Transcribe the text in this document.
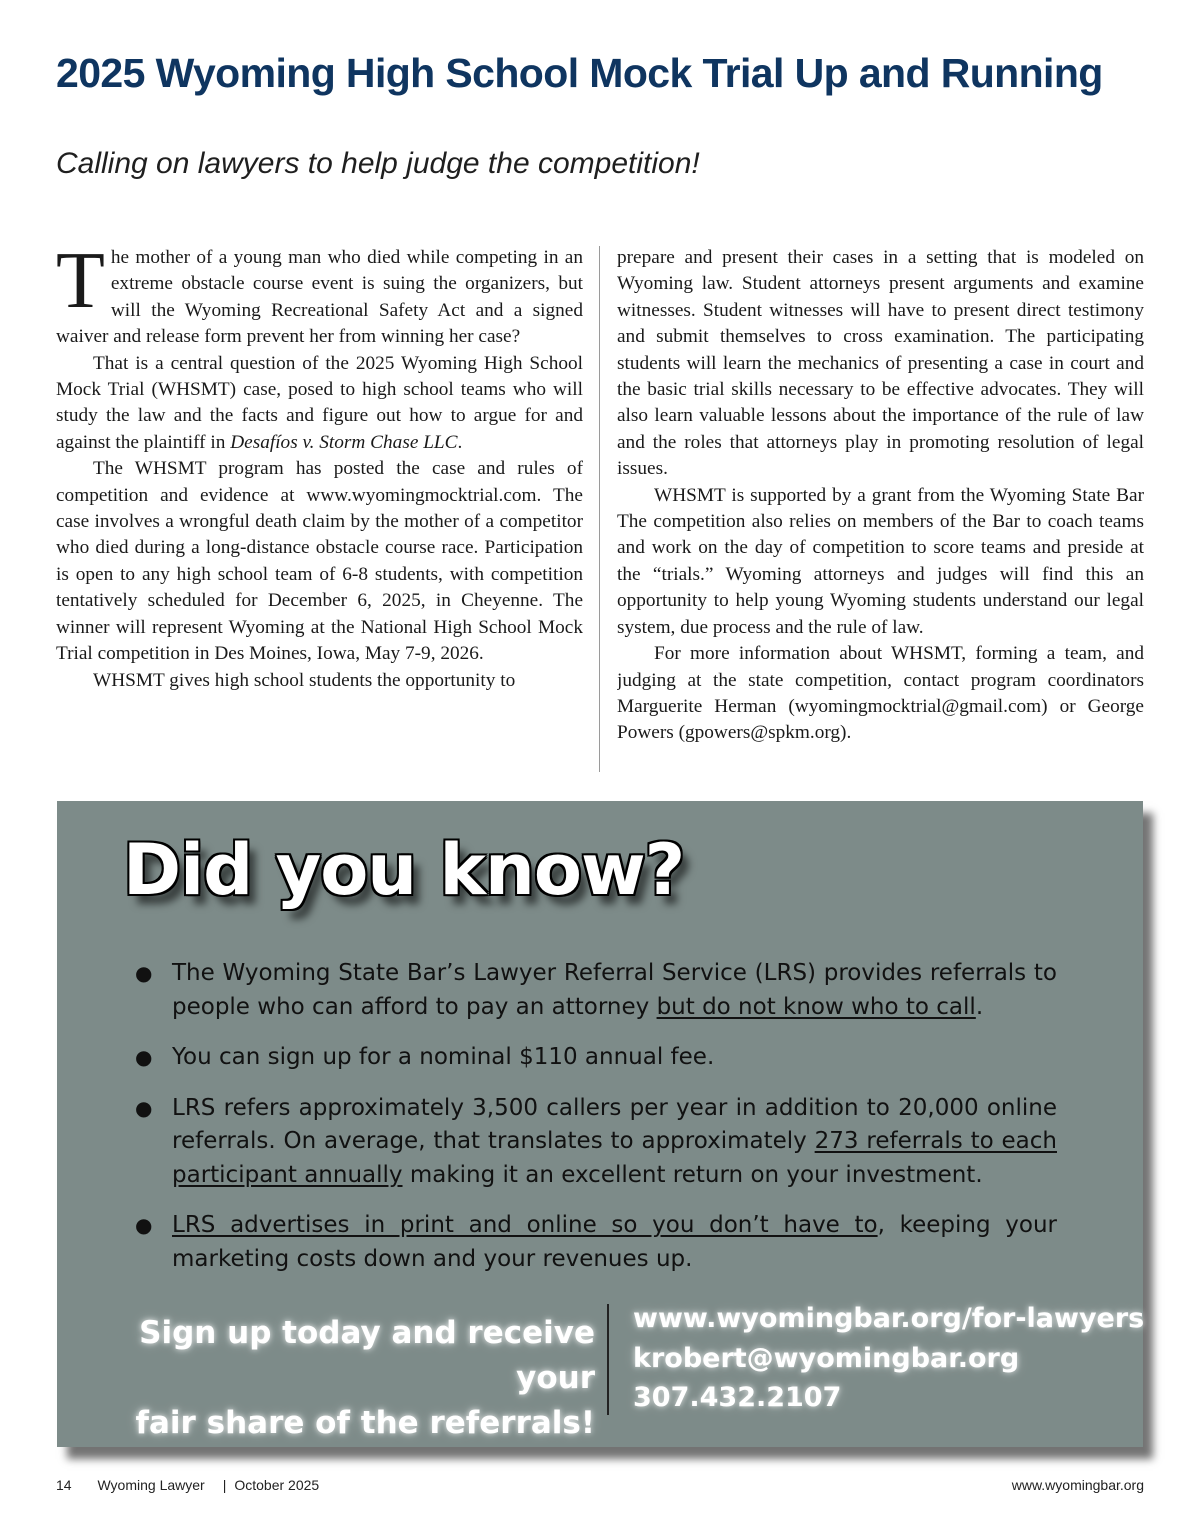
2025 Wyoming High School Mock Trial Up and Running
Calling on lawyers to help judge the competition!

The mother of a young man who died while competing in an extreme obstacle course event is suing the organizers, but will the Wyoming Recreational Safety Act and a signed waiver and release form prevent her from winning her case?

That is a central question of the 2025 Wyoming High School Mock Trial (WHSMT) case, posed to high school teams who will study the law and the facts and figure out how to argue for and against the plaintiff in Desafíos v. Storm Chase LLC.

The WHSMT program has posted the case and rules of competition and evidence at www.wyomingmocktrial.com. The case involves a wrongful death claim by the mother of a competitor who died during a long-distance obstacle course race. Participation is open to any high school team of 6-8 students, with competition tentatively scheduled for December 6, 2025, in Cheyenne. The winner will represent Wyoming at the National High School Mock Trial competition in Des Moines, Iowa, May 7-9, 2026.

WHSMT gives high school students the opportunity to

prepare and present their cases in a setting that is modeled on Wyoming law. Student attorneys present arguments and examine witnesses. Student witnesses will have to present direct testimony and submit themselves to cross examination. The participating students will learn the mechanics of presenting a case in court and the basic trial skills necessary to be effective advocates. They will also learn valuable lessons about the importance of the rule of law and the roles that attorneys play in promoting resolution of legal issues.

WHSMT is supported by a grant from the Wyoming State Bar The competition also relies on members of the Bar to coach teams and work on the day of competition to score teams and preside at the “trials.” Wyoming attorneys and judges will find this an opportunity to help young Wyoming students understand our legal system, due process and the rule of law.

For more information about WHSMT, forming a team, and judging at the state competition, contact program coordinators Marguerite Herman (wyomingmocktrial@gmail.com) or George Powers (gpowers@spkm.org).

Did you know?
● The Wyoming State Bar’s Lawyer Referral Service (LRS) provides referrals to people who can afford to pay an attorney but do not know who to call.
● You can sign up for a nominal $110 annual fee.
● LRS refers approximately 3,500 callers per year in addition to 20,000 online referrals. On average, that translates to approximately 273 referrals to each participant annually making it an excellent return on your investment.
● LRS advertises in print and online so you don’t have to, keeping your marketing costs down and your revenues up.
Sign up today and receive your
fair share of the referrals!
www.wyomingbar.org/for-lawyers
krobert@wyomingbar.org
307.432.2107
14 Wyoming Lawyer | October 2025	www.wyomingbar.org
